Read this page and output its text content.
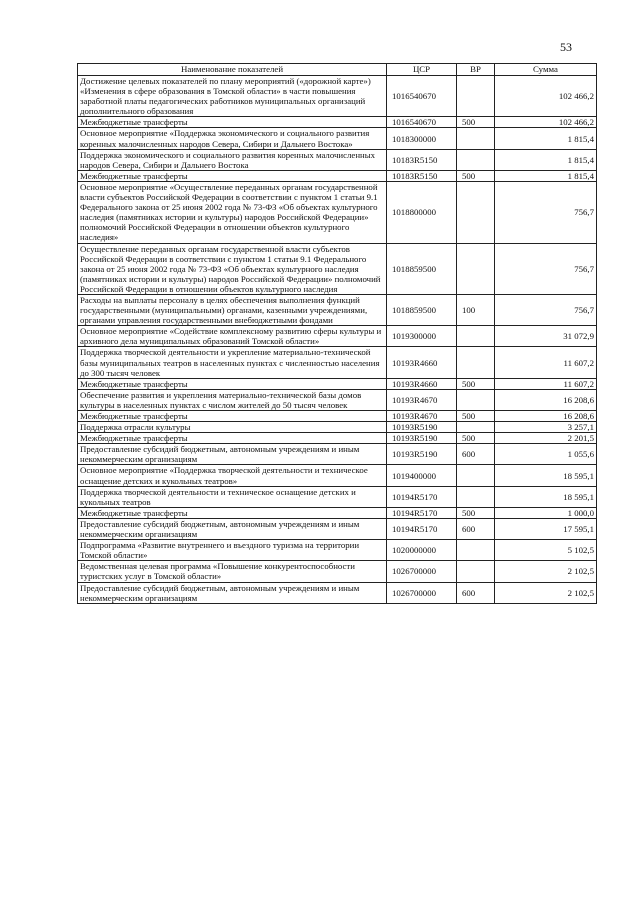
53
Наименование показателей	ЦСР	ВР	Сумма
Достижение целевых показателей по плану мероприятий («дорожной карте») «Изменения в сфере образования в Томской области» в части повышения заработной платы педагогических работников муниципальных организаций дополнительного образования	1016540670		102 466,2
Межбюджетные трансферты	1016540670	500	102 466,2
Основное мероприятие «Поддержка экономического и социального развития коренных малочисленных народов Севера, Сибири и Дальнего Востока»	1018300000		1 815,4
Поддержка экономического и социального развития коренных малочисленных народов Севера, Сибири и Дальнего Востока	10183R5150		1 815,4
Межбюджетные трансферты	10183R5150	500	1 815,4
Основное мероприятие «Осуществление переданных органам государственной власти субъектов Российской Федерации в соответствии с пунктом 1 статьи 9.1 Федерального закона от 25 июня 2002 года № 73-ФЗ «Об объектах культурного наследия (памятниках истории и культуры) народов Российской Федерации» полномочий Российской Федерации в отношении объектов культурного наследия»	1018800000		756,7
Осуществление переданных органам государственной власти субъектов Российской Федерации в соответствии с пунктом 1 статьи 9.1 Федерального закона от 25 июня 2002 года № 73-ФЗ «Об объектах культурного наследия (памятниках истории и культуры) народов Российской Федерации» полномочий Российской Федерации в отношении объектов культурного наследия	1018859500		756,7
Расходы на выплаты персоналу в целях обеспечения выполнения функций государственными (муниципальными) органами, казенными учреждениями, органами управления государственными внебюджетными фондами	1018859500	100	756,7
Основное мероприятие «Содействие комплексному развитию сферы культуры и архивного дела муниципальных образований Томской области»	1019300000		31 072,9
Поддержка творческой деятельности и укрепление материально-технической базы муниципальных театров в населенных пунктах с численностью населения до 300 тысяч человек	10193R4660		11 607,2
Межбюджетные трансферты	10193R4660	500	11 607,2
Обеспечение развития и укрепления материально-технической базы домов культуры в населенных пунктах с числом жителей до 50 тысяч человек	10193R4670		16 208,6
Межбюджетные трансферты	10193R4670	500	16 208,6
Поддержка отрасли культуры	10193R5190		3 257,1
Межбюджетные трансферты	10193R5190	500	2 201,5
Предоставление субсидий бюджетным, автономным учреждениям и иным некоммерческим организациям	10193R5190	600	1 055,6
Основное мероприятие «Поддержка творческой деятельности и техническое оснащение детских и кукольных театров»	1019400000		18 595,1
Поддержка творческой деятельности и техническое оснащение детских и кукольных театров	10194R5170		18 595,1
Межбюджетные трансферты	10194R5170	500	1 000,0
Предоставление субсидий бюджетным, автономным учреждениям и иным некоммерческим организациям	10194R5170	600	17 595,1
Подпрограмма «Развитие внутреннего и въездного туризма на территории Томской области»	1020000000		5 102,5
Ведомственная целевая программа «Повышение конкурентоспособности туристских услуг в Томской области»	1026700000		2 102,5
Предоставление субсидий бюджетным, автономным учреждениям и иным некоммерческим организациям	1026700000	600	2 102,5
